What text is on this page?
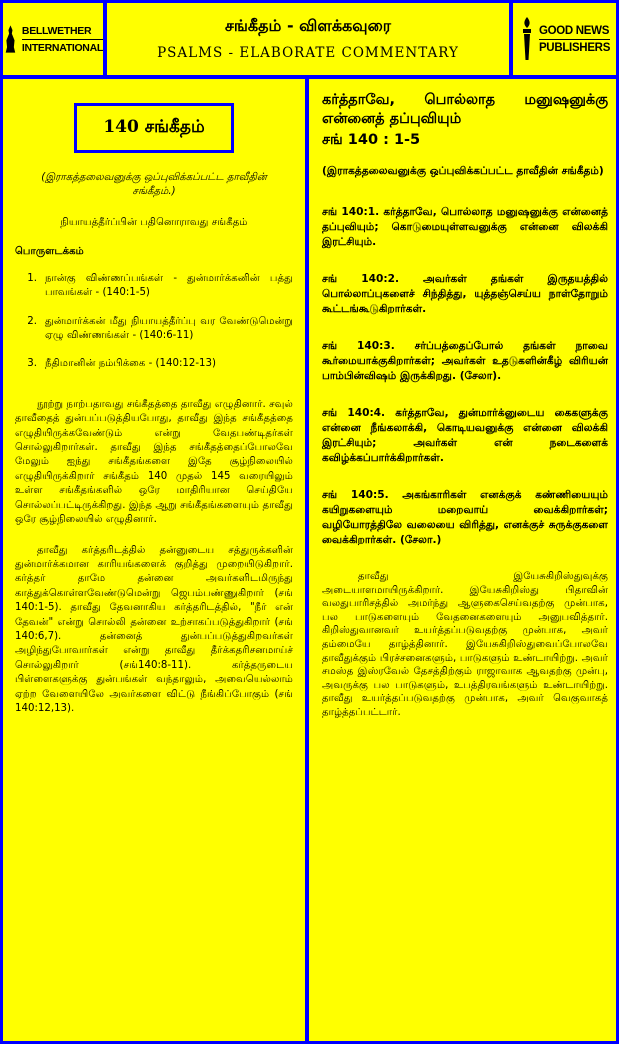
BELLWETHER
INTERNATIONAL
சங்கீதம் - விளக்கவுரை
PSALMS - ELABORATE COMMENTARY
GOOD NEWS
PUBLISHERS
140 சங்கீதம்
(இராகத்தலைவனுக்கு ஒப்புவிக்கப்பட்ட தாவீதின் சங்கீதம்.)
நியாயத்தீர்ப்பின் பதினொராவது சங்கீதம்
பொருளடக்கம்
1. நான்கு விண்ணப்பங்கள் - துன்மார்க்கனின் பத்து பாவங்கள் - (140:1-5)
2. துன்மார்க்கன் மீது நியாயத்தீர்ப்பு வர வேண்டுமென்று ஏழு விண்ணங்கள் - (140:6-11)
3. நீதிமானின் நம்பிக்கை - (140:12-13)
நூற்று நாற்பதாவது சங்கீதத்தை தாவீது எழுதினார். சவுல் தாவீதைத் துன்பப்படுத்தியபோது, தாவீது இந்த சங்கீதத்தை எழுதியிருக்கவேண்டும் என்று வேதபண்டிதர்கள் சொல்லுகிறார்கள். தாவீது இந்த சங்கீதத்தைப்போலவே மேலும் ஐந்து சங்கீதங்களை இதே சூழ்நிலையில் எழுதியிருக்கிறார் சங்கீதம் 140 முதல் 145 வரையிலும் உள்ள சங்கீதங்களில் ஒரே மாதிரியான செய்தியே சொல்லப்பட்டிருக்கிறது. இந்த ஆறு சங்கீதங்களையும் தாவீது ஒரே சூழ்நிலையில் எழுதினார்.
தாவீது கர்த்தரிடத்தில் தன்னுடைய சத்துருக்களின் துன்மார்க்கமான காரியங்களைக் குறித்து முறையிடுகிறார். கர்த்தர் தாமே தன்னை அவர்களிடமிருந்து காத்துக்கொள்ளவேண்டுமென்று ஜெபம்பண்ணுகிறார் (சங் 140:1-5). தாவீது தேவனாகிய கர்த்தரிடத்தில், "நீர் என் தேவன்" என்று சொல்லி தன்னை உற்சாகப்படுத்துகிறார் (சங் 140:6,7). தன்னைத் துன்பப்படுத்துகிறவர்கள் அழிந்துபோவார்கள் என்று தாவீது தீர்க்கதரிசனமாய்ச் சொல்லுகிறார் (சங்140:8-11). கர்த்தருடைய பிள்ளைகளுக்கு துன்பங்கள் வந்தாலும், அவையெல்லாம் ஏற்ற வேளையிலே அவர்களை விட்டு நீங்கிப்போகும் (சங் 140:12,13).
கர்த்தாவே, பொல்லாத மனுஷனுக்கு என்னைத் தப்புவியும்
சங் 140 : 1-5
(இராகத்தலைவனுக்கு ஒப்புவிக்கப்பட்ட தாவீதின் சங்கீதம்)
சங் 140:1. கர்த்தாவே, பொல்லாத மனுஷனுக்கு என்னைத் தப்புவியும்; கொடுமையுள்ளவனுக்கு என்னை விலக்கி இரட்சியும்.
சங் 140:2. அவர்கள் தங்கள் இருதயத்தில் பொல்லாப்புகளைச் சிந்தித்து, யுத்தஞ்செய்ய நாள்தோறும் கூட்டங்கூடுகிறார்கள்.
சங் 140:3. சர்ப்பத்தைப்போல் தங்கள் நாவை கூர்மையாக்குகிறார்கள்; அவர்கள் உதடுகளின்கீழ் விரியன் பாம்பின்விஷம் இருக்கிறது. (சேலா).
சங் 140:4. கர்த்தாவே, துன்மார்க்னுடைய கைகளுக்கு என்னை நீங்கலாக்கி, கொடியவனுக்கு என்னை விலக்கி இரட்சியும்; அவர்கள் என் நடைகளைக் கவிழ்க்கப்பார்க்கிறார்கள்.
சங் 140:5. அகங்காரிகள் எனக்குக் கண்ணியையும் கயிறுகளையும் மறைவாய் வைக்கிறார்கள்; வழியோரத்திலே வலையை விரித்து, எனக்குச் சுருக்குகளை வைக்கிறார்கள். (சேலா.)
தாவீது இயேசுகிறிஸ்துவுக்கு அடையாளமாயிருக்கிறார். இயேசுகிறிஸ்து பிதாவின் வலதுபாரிசத்தில் அமர்ந்து ஆளுகைசெய்வதற்கு முன்பாக, பல பாடுகளையும் வேதனைகளையும் அனுபவித்தார். கிறிஸ்துவானவர் உயர்த்தப்படுவதற்கு முன்பாக, அவர் தம்மையே தாழ்த்தினார். இயேசுகிறிஸ்துவைப்போலவே தாவீதுக்கும் பிரச்சனைகளும், பாடுகளும் உண்டாயிற்று. அவர் சமஸ்த இஸ்ரவேல் தேசத்திற்கும் ராஜாவாக ஆவதற்கு முன்பு, அவருக்கு பல பாடுகளும், உபத்திரவங்களும் உண்டாயிற்று. தாவீது உயர்த்தப்படுவதற்கு முன்பாக, அவர் வெகுவாகத் தாழ்த்தப்பட்டார்.
